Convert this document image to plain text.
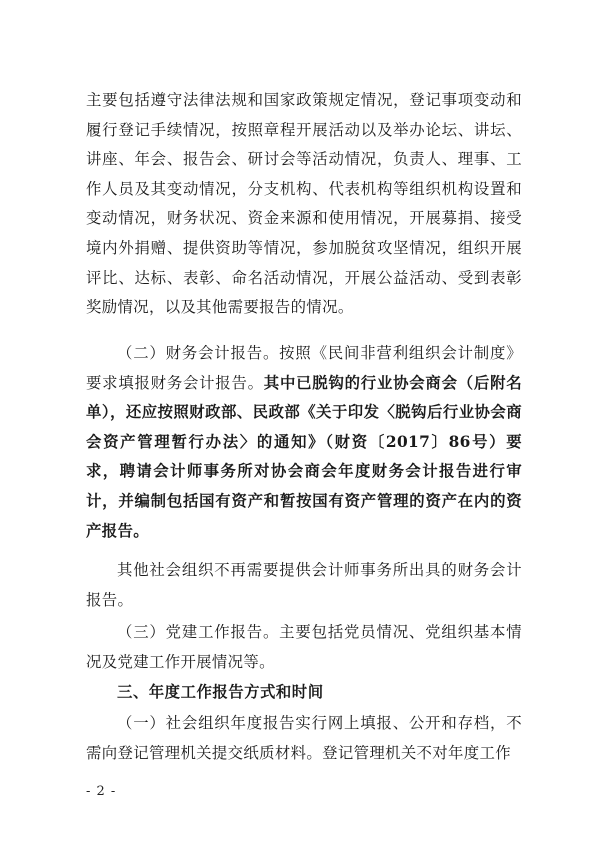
主要包括遵守法律法规和国家政策规定情况，登记事项变动和履行登记手续情况，按照章程开展活动以及举办论坛、讲坛、讲座、年会、报告会、研讨会等活动情况，负责人、理事、工作人员及其变动情况，分支机构、代表机构等组织机构设置和变动情况，财务状况、资金来源和使用情况，开展募捐、接受境内外捐赠、提供资助等情况，参加脱贫攻坚情况，组织开展评比、达标、表彰、命名活动情况，开展公益活动、受到表彰奖励情况，以及其他需要报告的情况。

（二）财务会计报告。按照《民间非营利组织会计制度》要求填报财务会计报告。其中已脱钩的行业协会商会（后附名单），还应按照财政部、民政部《关于印发〈脱钩后行业协会商会资产管理暂行办法〉的通知》（财资〔2017〕86号）要求，聘请会计师事务所对协会商会年度财务会计报告进行审计，并编制包括国有资产和暂按国有资产管理的资产在内的资产报告。

其他社会组织不再需要提供会计师事务所出具的财务会计报告。

（三）党建工作报告。主要包括党员情况、党组织基本情况及党建工作开展情况等。

三、年度工作报告方式和时间

（一）社会组织年度报告实行网上填报、公开和存档，不需向登记管理机关提交纸质材料。登记管理机关不对年度工作

- 2 -
